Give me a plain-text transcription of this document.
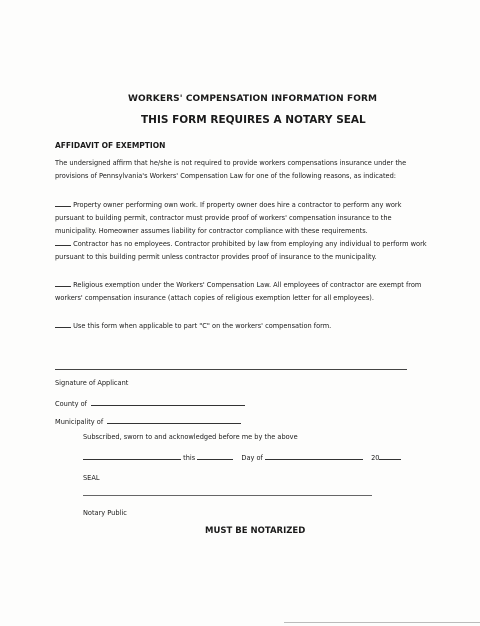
WORKERS' COMPENSATION INFORMATION FORM
THIS FORM REQUIRES A NOTARY SEAL
AFFIDAVIT OF EXEMPTION
The undersigned affirm that he/she is not required to provide workers compensations insurance under the provisions of Pennsylvania's Workers' Compensation Law for one of the following reasons, as indicated:
Property owner performing own work. If property owner does hire a contractor to perform any work pursuant to building permit, contractor must provide proof of workers' compensation insurance to the municipality. Homeowner assumes liability for contractor compliance with these requirements.
Contractor has no employees. Contractor prohibited by law from employing any individual to perform work pursuant to this building permit unless contractor provides proof of insurance to the municipality.
Religious exemption under the Workers' Compensation Law. All employees of contractor are exempt from workers' compensation insurance (attach copies of religious exemption letter for all employees).
Use this form when applicable to part "C" on the workers' compensation form.
Signature of Applicant
County of
Municipality of
Subscribed, sworn to and acknowledged before me by the above
this	Day of	20
SEAL
Notary Public
MUST BE NOTARIZED
